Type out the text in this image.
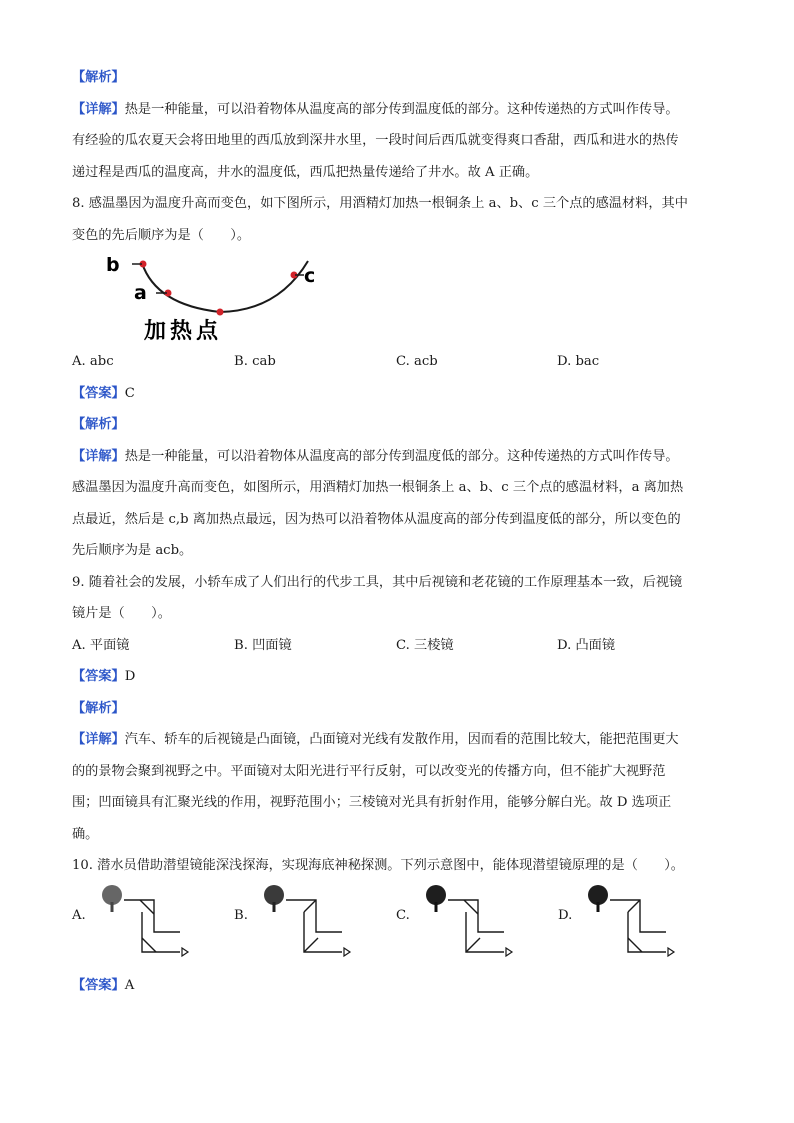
【解析】

【详解】热是一种能量，可以沿着物体从温度高的部分传到温度低的部分。这种传递热的方式叫作传导。

有经验的瓜农夏天会将田地里的西瓜放到深井水里，一段时间后西瓜就变得爽口香甜，西瓜和进水的热传

递过程是西瓜的温度高，井水的温度低，西瓜把热量传递给了井水。故 A 正确。

8. 感温墨因为温度升高而变色，如下图所示，用酒精灯加热一根铜条上 a、b、c 三个点的感温材料，其中

变色的先后顺序为是（　　）。

b
a
c
加热点
A. abc	B. cab	C. acb	D. bac

【答案】C

【解析】

【详解】热是一种能量，可以沿着物体从温度高的部分传到温度低的部分。这种传递热的方式叫作传导。

感温墨因为温度升高而变色，如图所示，用酒精灯加热一根铜条上 a、b、c 三个点的感温材料，a 离加热

点最近，然后是 c,b 离加热点最远，因为热可以沿着物体从温度高的部分传到温度低的部分，所以变色的

先后顺序为是 acb。

9. 随着社会的发展，小轿车成了人们出行的代步工具，其中后视镜和老花镜的工作原理基本一致，后视镜

镜片是（　　）。

A. 平面镜	B. 凹面镜	C. 三棱镜	D. 凸面镜

【答案】D

【解析】

【详解】汽车、轿车的后视镜是凸面镜，凸面镜对光线有发散作用，因而看的范围比较大，能把范围更大

的的景物会聚到视野之中。平面镜对太阳光进行平行反射，可以改变光的传播方向，但不能扩大视野范

围；凹面镜具有汇聚光线的作用，视野范围小；三棱镜对光具有折射作用，能够分解白光。故 D 选项正

确。

10. 潜水员借助潜望镜能深浅探海，实现海底神秘探测。下列示意图中，能体现潜望镜原理的是（　　）。

A.	B.	C.	D.

【答案】A
